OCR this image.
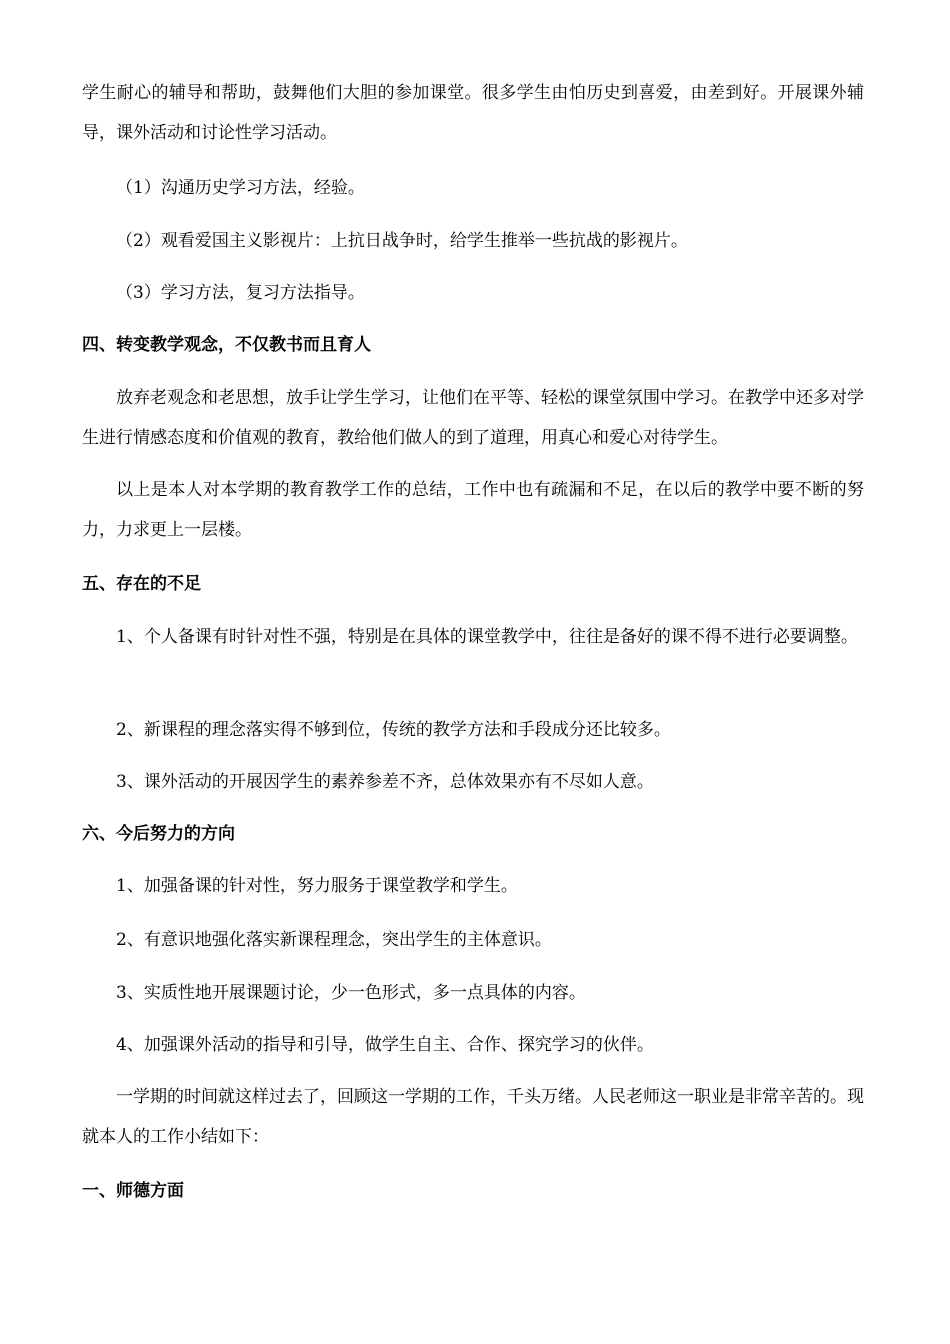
学生耐心的辅导和帮助，鼓舞他们大胆的参加课堂。很多学生由怕历史到喜爱，由差到好。开展课外辅导，课外活动和讨论性学习活动。

（1）沟通历史学习方法，经验。

（2）观看爱国主义影视片：上抗日战争时，给学生推举一些抗战的影视片。

（3）学习方法，复习方法指导。

四、转变教学观念，不仅教书而且育人

放弃老观念和老思想，放手让学生学习，让他们在平等、轻松的课堂氛围中学习。在教学中还多对学生进行情感态度和价值观的教育，教给他们做人的到了道理，用真心和爱心对待学生。

以上是本人对本学期的教育教学工作的总结，工作中也有疏漏和不足，在以后的教学中要不断的努力，力求更上一层楼。

五、存在的不足

1、个人备课有时针对性不强，特别是在具体的课堂教学中，往往是备好的课不得不进行必要调整。

2、新课程的理念落实得不够到位，传统的教学方法和手段成分还比较多。

3、课外活动的开展因学生的素养参差不齐，总体效果亦有不尽如人意。

六、今后努力的方向

1、加强备课的针对性，努力服务于课堂教学和学生。

2、有意识地强化落实新课程理念，突出学生的主体意识。

3、实质性地开展课题讨论，少一色形式，多一点具体的内容。

4、加强课外活动的指导和引导，做学生自主、合作、探究学习的伙伴。

一学期的时间就这样过去了，回顾这一学期的工作，千头万绪。人民老师这一职业是非常辛苦的。现就本人的工作小结如下：

一、师德方面
